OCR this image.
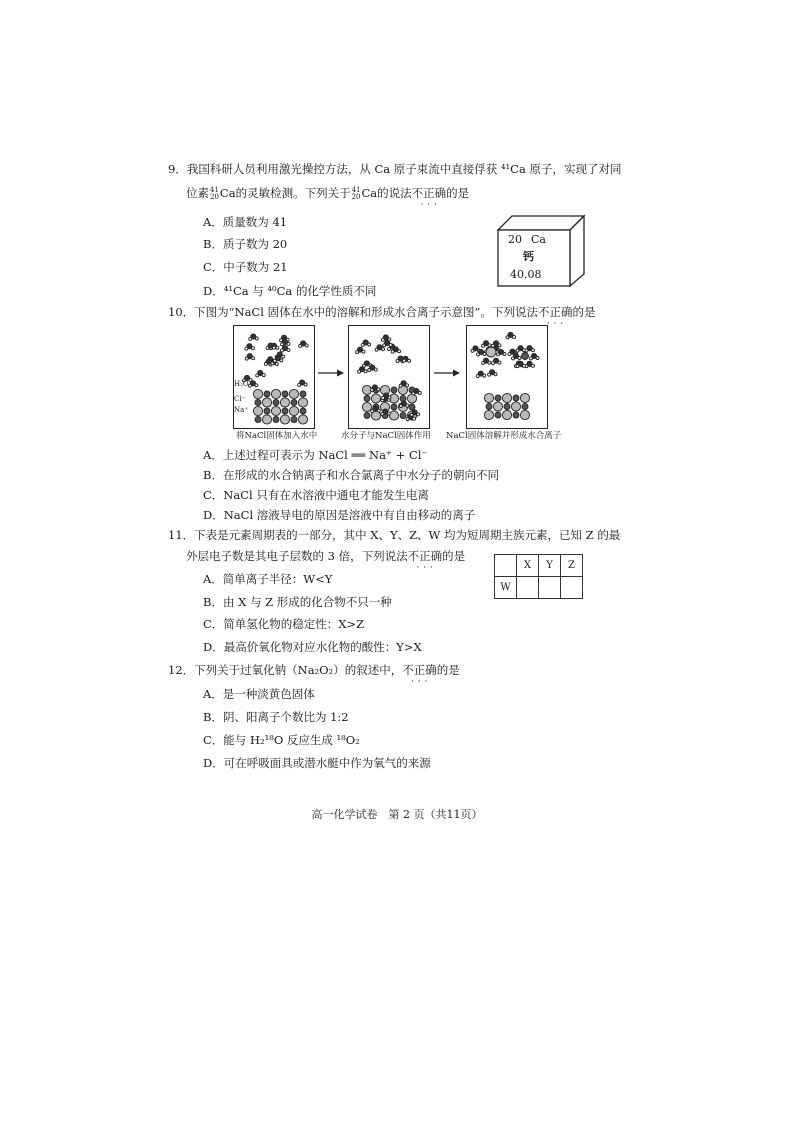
9．我国科研人员利用激光操控方法，从 Ca 原子束流中直接俘获 ⁴¹Ca 原子，实现了对同
位素 41
20 Ca的灵敏检测。下列关于 41
20 Ca的说法不正确 · · ·的是
A．质量数为 41
B．质子数为 20
C．中子数为 21
D．⁴¹Ca 与 ⁴⁰Ca 的化学性质不同
20 Ca
钙
40.08
10．下图为“NaCl 固体在水中的溶解和形成水合离子示意图”。下列说法不正确 · · ·的是
将NaCl固体加入水中
H₂O
Cl⁻
Na⁺
水分子与NaCl固体作用 NaCl固体溶解并形成水合离子
A．上述过程可表示为 NaCl ══ Na⁺ + Cl⁻
B．在形成的水合钠离子和水合氯离子中水分子的朝向不同
C．NaCl 只有在水溶液中通电才能发生电离
D．NaCl 溶液导电的原因是溶液中有自由移动的离子
11．下表是元素周期表的一部分，其中 X、Y、Z、W 均为短周期主族元素，已知 Z 的最
外层电子数是其电子层数的 3 倍，下列说法不正确 · · ·的是
A．简单离子半径：W<Y
B．由 X 与 Z 形成的化合物不只一种
C．简单氢化物的稳定性：X>Z
D．最高价氧化物对应水化物的酸性：Y>X
	X	Y	Z
W			
12．下列关于过氧化钠（Na₂O₂）的叙述中，不正确 · · ·的是
A．是一种淡黄色固体
B．阴、阳离子个数比为 1:2
C．能与 H₂¹⁸O 反应生成 ¹⁸O₂
D．可在呼吸面具或潜水艇中作为氧气的来源
高一化学试卷　第 2 页（共11页）
